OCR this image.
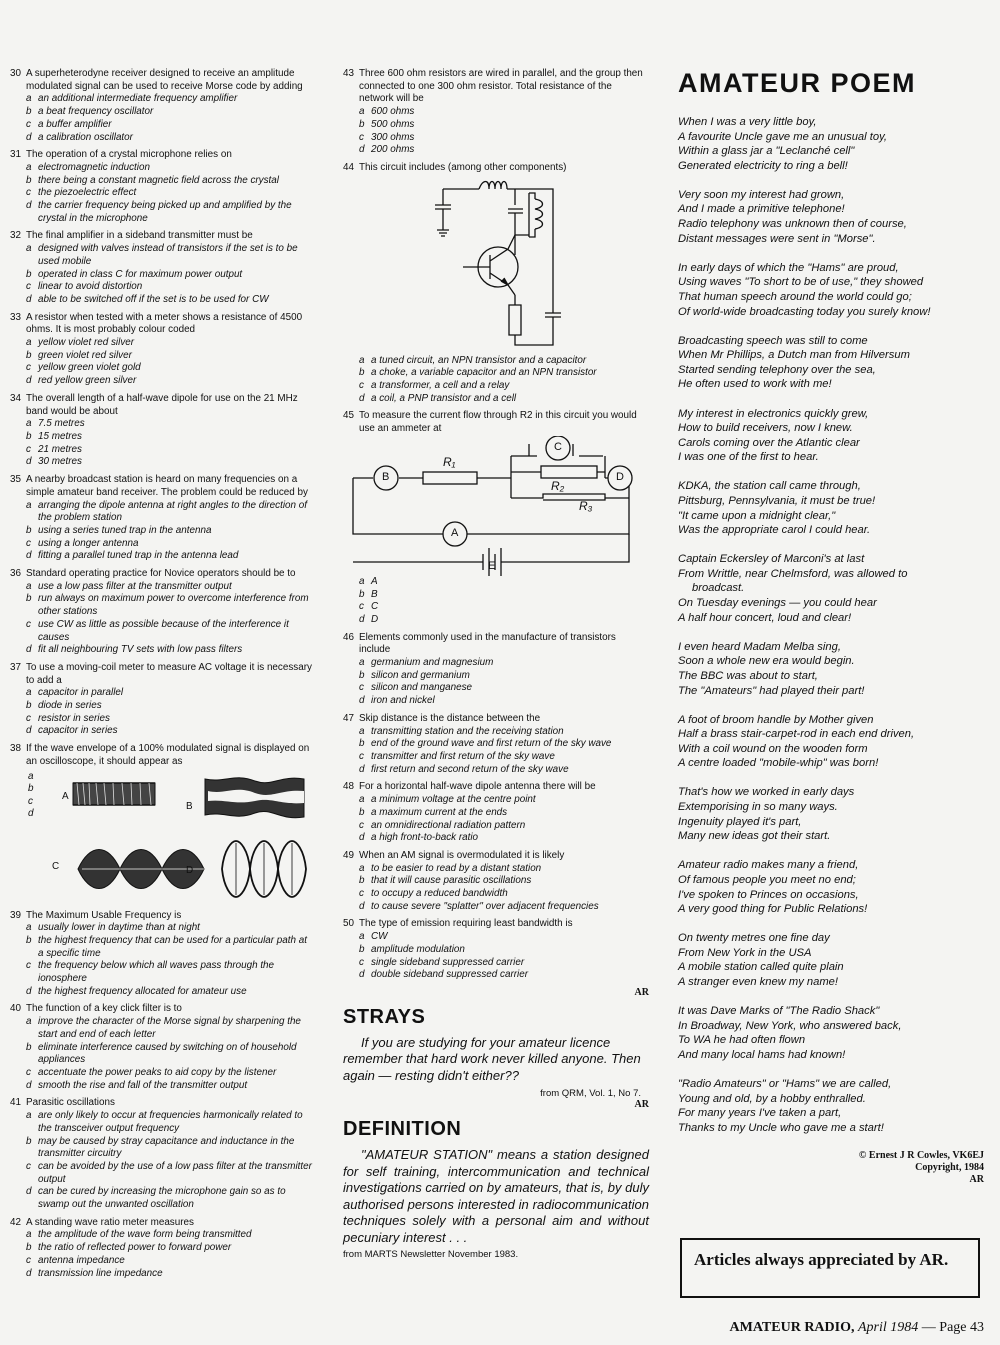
30 A superheterodyne receiver designed to receive an amplitude modulated signal can be used to receive Morse code by adding
a an additional intermediate frequency amplifier
b a beat frequency oscillator
c a buffer amplifier
d a calibration oscillator
31 The operation of a crystal microphone relies on
a electromagnetic induction
b there being a constant magnetic field across the crystal
c the piezoelectric effect
d the carrier frequency being picked up and amplified by the crystal in the microphone
32 The final amplifier in a sideband transmitter must be
a designed with valves instead of transistors if the set is to be used mobile
b operated in class C for maximum power output
c linear to avoid distortion
d able to be switched off if the set is to be used for CW
33 A resistor when tested with a meter shows a resistance of 4500 ohms. It is most probably colour coded
a yellow violet red silver
b green violet red silver
c yellow green violet gold
d red yellow green silver
34 The overall length of a half-wave dipole for use on the 21 MHz band would be about
a 7.5 metres
b 15 metres
c 21 metres
d 30 metres
35 A nearby broadcast station is heard on many frequencies on a simple amateur band receiver. The problem could be reduced by
a arranging the dipole antenna at right angles to the direction of the problem station
b using a series tuned trap in the antenna
c using a longer antenna
d fitting a parallel tuned trap in the antenna lead
36 Standard operating practice for Novice operators should be to
a use a low pass filter at the transmitter output
b run always on maximum power to overcome interference from other stations
c use CW as little as possible because of the interference it causes
d fit all neighbouring TV sets with low pass filters
37 To use a moving-coil meter to measure AC voltage it is necessary to add a
a capacitor in parallel
b diode in series
c resistor in series
d capacitor in series
38 If the wave envelope of a 100% modulated signal is displayed on an oscilloscope, it should appear as
a
b
c
d
A
B
C	D
39 The Maximum Usable Frequency is
a usually lower in daytime than at night
b the highest frequency that can be used for a particular path at a specific time
c the frequency below which all waves pass through the ionosphere
d the highest frequency allocated for amateur use
40 The function of a key click filter is to
a improve the character of the Morse signal by sharpening the start and end of each letter
b eliminate interference caused by switching on of household appliances
c accentuate the power peaks to aid copy by the listener
d smooth the rise and fall of the transmitter output
41 Parasitic oscillations
a are only likely to occur at frequencies harmonically related to the transceiver output frequency
b may be caused by stray capacitance and inductance in the transmitter circuitry
c can be avoided by the use of a low pass filter at the transmitter output
d can be cured by increasing the microphone gain so as to swamp out the unwanted oscillation
42 A standing wave ratio meter measures
a the amplitude of the wave form being transmitted
b the ratio of reflected power to forward power
c antenna impedance
d transmission line impedance
43 Three 600 ohm resistors are wired in parallel, and the group then connected to one 300 ohm resistor. Total resistance of the network will be
a 600 ohms
b 500 ohms
c 300 ohms
d 200 ohms
44 This circuit includes (among other components)
a a tuned circuit, an NPN transistor and a capacitor
b a choke, a variable capacitor and an NPN transistor
c a transformer, a cell and a relay
d a coil, a PNP transistor and a cell
45 To measure the current flow through R2 in this circuit you would use an ammeter at
B
A
C
D
R₁
R₂
R₃
E
a A
b B
c C
d D
46 Elements commonly used in the manufacture of transistors include
a germanium and magnesium
b silicon and germanium
c silicon and manganese
d iron and nickel
47 Skip distance is the distance between the
a transmitting station and the receiving station
b end of the ground wave and first return of the sky wave
c transmitter and first return of the sky wave
d first return and second return of the sky wave
48 For a horizontal half-wave dipole antenna there will be
a a minimum voltage at the centre point
b a maximum current at the ends
c an omnidirectional radiation pattern
d a high front-to-back ratio
49 When an AM signal is overmodulated it is likely
a to be easier to read by a distant station
b that it will cause parasitic oscillations
c to occupy a reduced bandwidth
d to cause severe "splatter" over adjacent frequencies
50 The type of emission requiring least bandwidth is
a CW
b amplitude modulation
c single sideband suppressed carrier
d double sideband suppressed carrier
AR
STRAYS
If you are studying for your amateur licence remember that hard work never killed anyone. Then again — resting didn't either??
from QRM, Vol. 1, No 7.
AR
DEFINITION
"AMATEUR STATION" means a station designed for self training, intercommunication and technical investigations carried on by amateurs, that is, by duly authorised persons interested in radiocommunication techniques solely with a personal aim and without pecuniary interest . . .
from MARTS Newsletter November 1983.
AMATEUR POEM
When I was a very little boy,
A favourite Uncle gave me an unusual toy,
Within a glass jar a "Leclanché cell"
Generated electricity to ring a bell!
Very soon my interest had grown,
And I made a primitive telephone!
Radio telephony was unknown then of course,
Distant messages were sent in "Morse".
In early days of which the "Hams" are proud,
Using waves "To short to be of use," they showed
That human speech around the world could go;
Of world-wide broadcasting today you surely know!
Broadcasting speech was still to come
When Mr Phillips, a Dutch man from Hilversum
Started sending telephony over the sea,
He often used to work with me!
My interest in electronics quickly grew,
How to build receivers, now I knew.
Carols coming over the Atlantic clear
I was one of the first to hear.
KDKA, the station call came through,
Pittsburg, Pennsylvania, it must be true!
"It came upon a midnight clear,"
Was the appropriate carol I could hear.
Captain Eckersley of Marconi's at last
From Writtle, near Chelmsford, was allowed to
broadcast.
On Tuesday evenings — you could hear
A half hour concert, loud and clear!
I even heard Madam Melba sing,
Soon a whole new era would begin.
The BBC was about to start,
The "Amateurs" had played their part!
A foot of broom handle by Mother given
Half a brass stair-carpet-rod in each end driven,
With a coil wound on the wooden form
A centre loaded "mobile-whip" was born!
That's how we worked in early days
Extemporising in so many ways.
Ingenuity played it's part,
Many new ideas got their start.
Amateur radio makes many a friend,
Of famous people you meet no end;
I've spoken to Princes on occasions,
A very good thing for Public Relations!
On twenty metres one fine day
From New York in the USA
A mobile station called quite plain
A stranger even knew my name!
It was Dave Marks of "The Radio Shack"
In Broadway, New York, who answered back,
To WA he had often flown
And many local hams had known!
"Radio Amateurs" or "Hams" we are called,
Young and old, by a hobby enthralled.
For many years I've taken a part,
Thanks to my Uncle who gave me a start!
© Ernest J R Cowles, VK6EJ
Copyright, 1984
AR
Articles always appreciated by AR.
AMATEUR RADIO, April 1984 — Page 43
